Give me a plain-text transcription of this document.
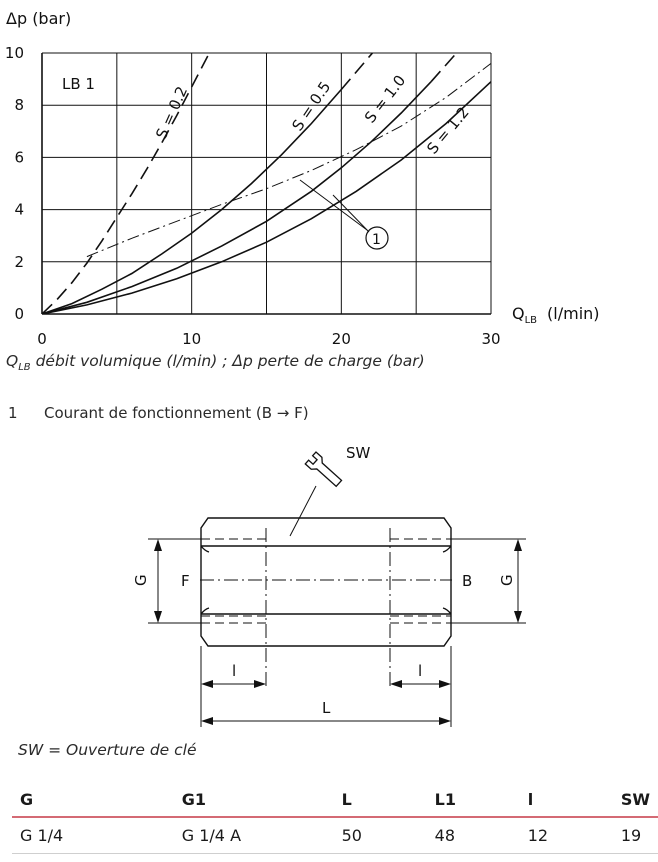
0	10	20	30
0
2
4
6
8
10
Δp (bar)
LB 1
$Q_{LB}$ (l/min)
S = 0.2	S = 0.5 S = 1.0
S = 1.2
1
$Q_{LB}$ débit volumique (l/min) ; Δp perte de charge (bar)
1 Courant de fonctionnement (B → F)
SW
G	G
F	B
l	l
L
SW = Ouverture de clé
G	G1	L	L1	l	SW
G 1/4	G 1/4 A	50	48	12	19
